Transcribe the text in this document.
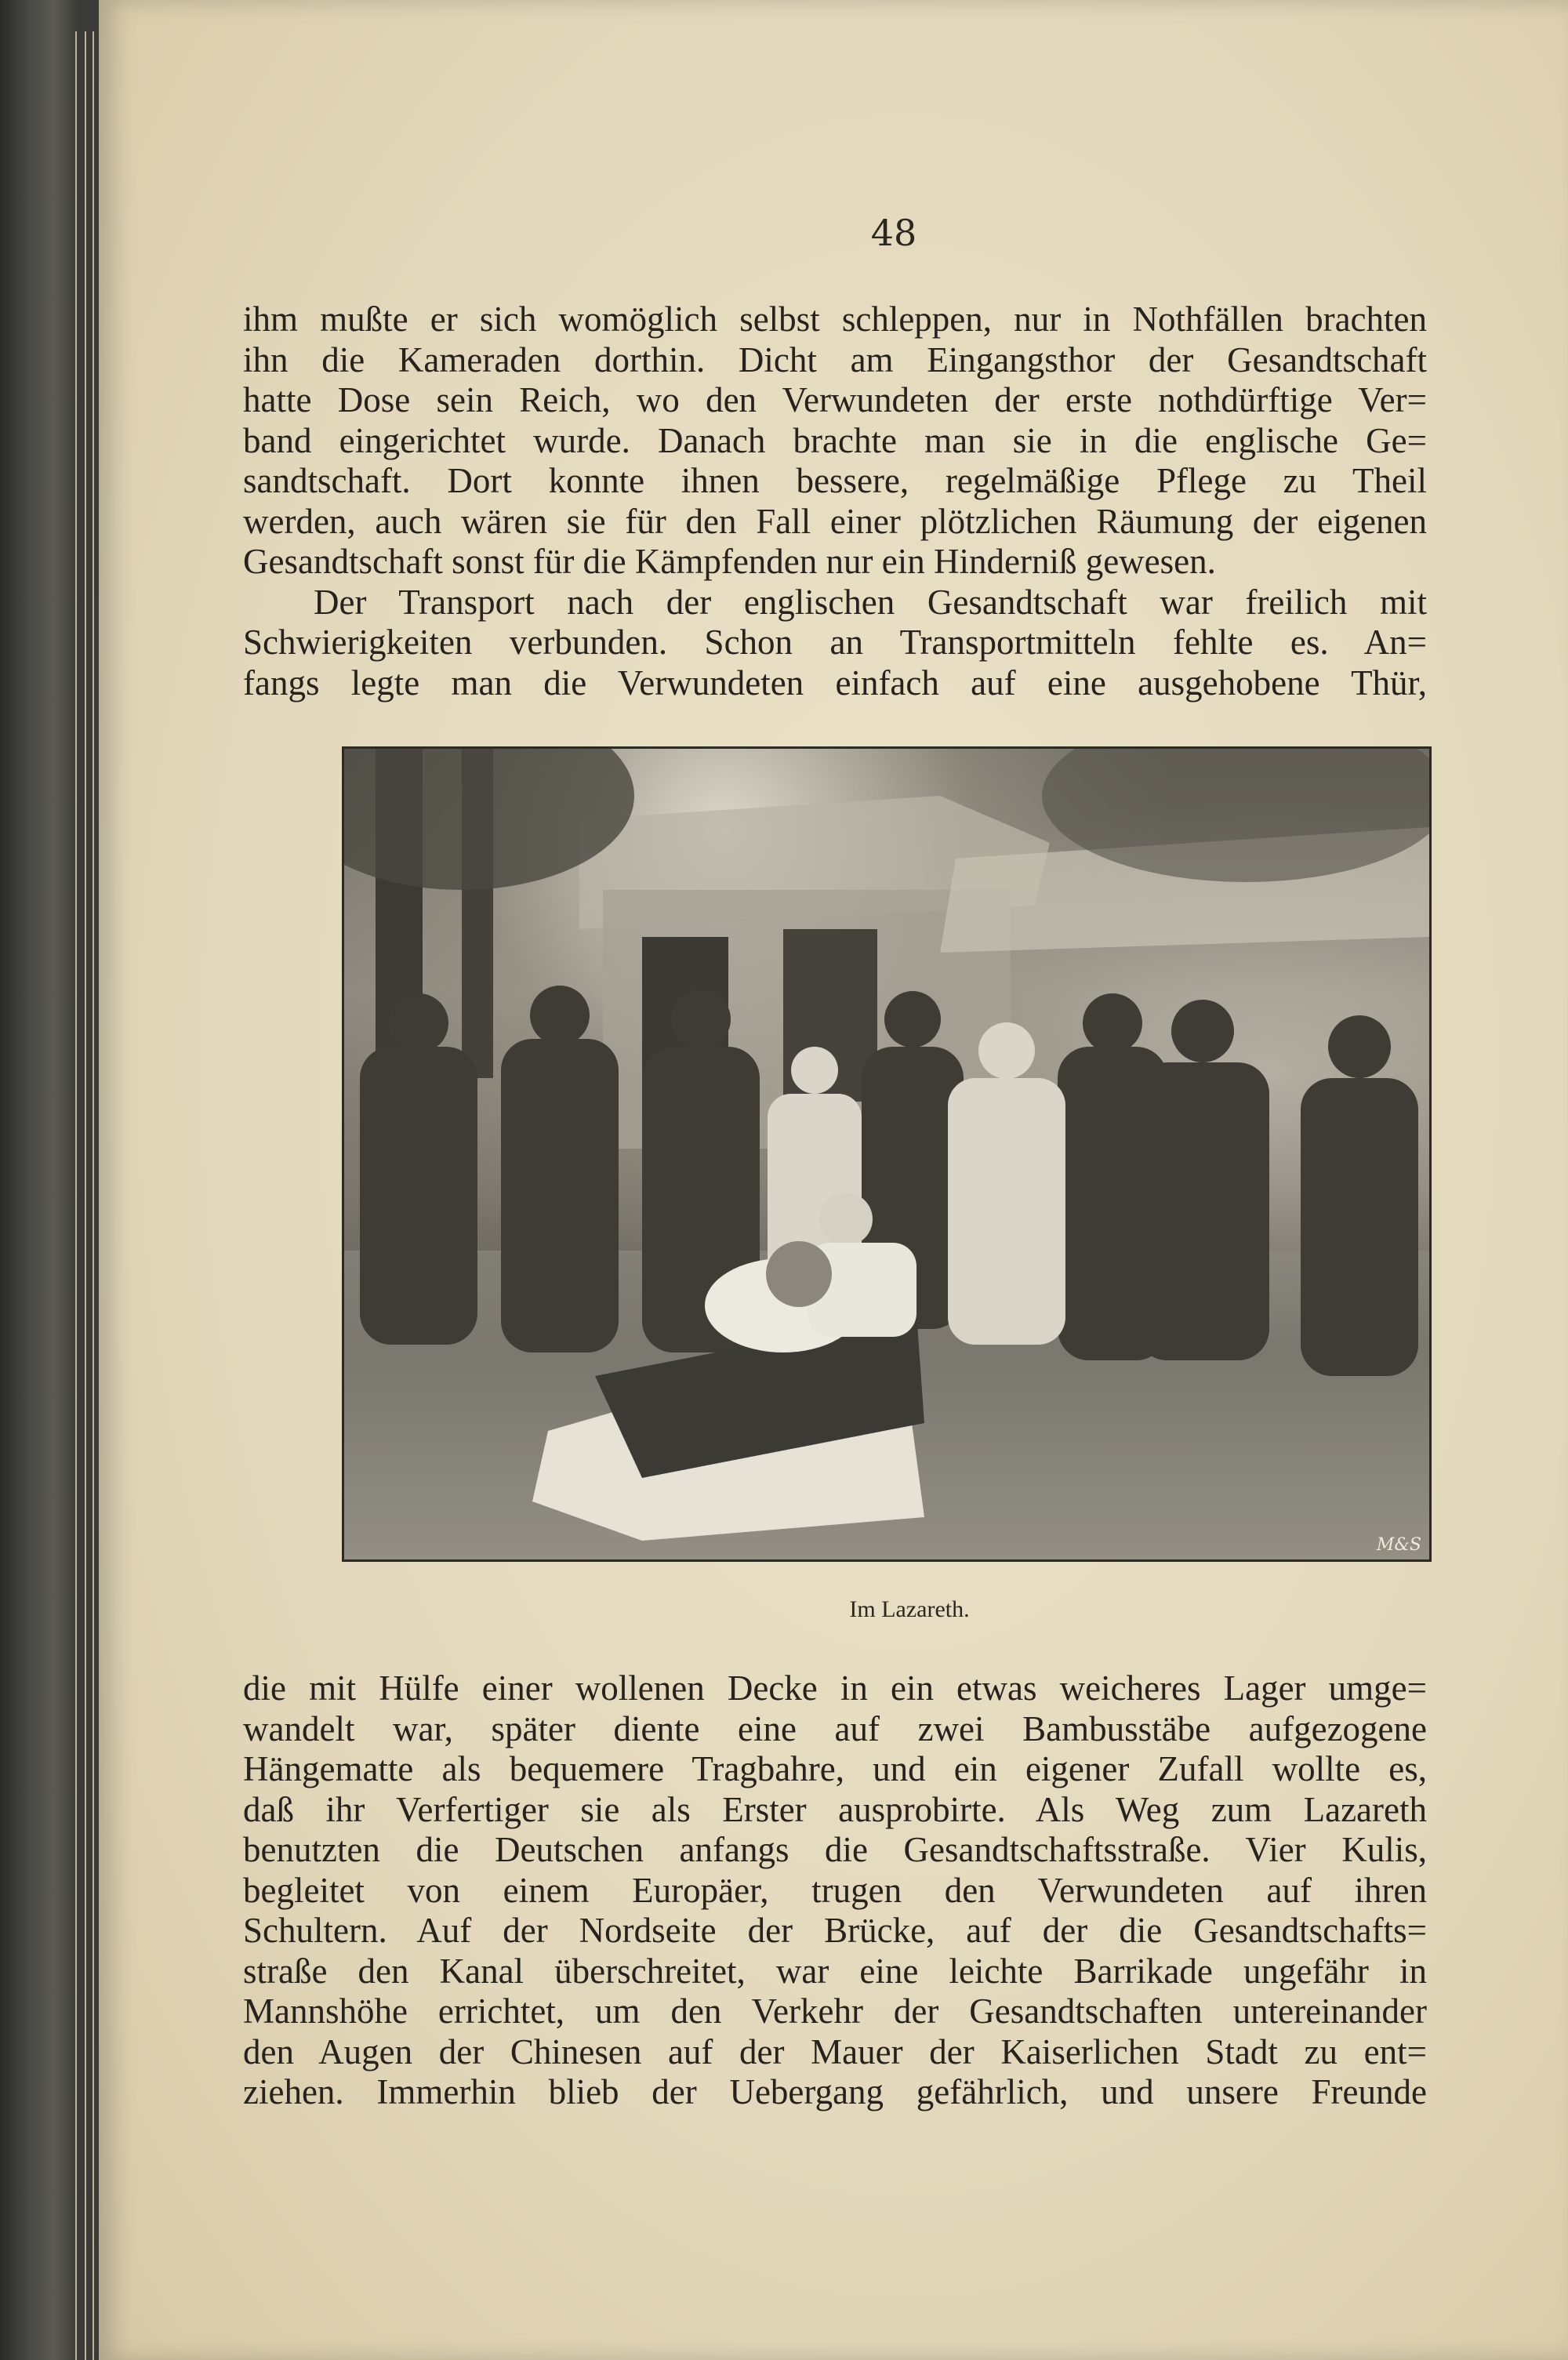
48

ihm mußte er sich womöglich selbst schleppen, nur in Nothfällen brachten
ihn die Kameraden dorthin. Dicht am Eingangsthor der Gesandtschaft
hatte Dose sein Reich, wo den Verwundeten der erste nothdürftige Ver=
band eingerichtet wurde. Danach brachte man sie in die englische Ge=
sandtschaft. Dort konnte ihnen bessere, regelmäßige Pflege zu Theil
werden, auch wären sie für den Fall einer plötzlichen Räumung der eigenen
Gesandtschaft sonst für die Kämpfenden nur ein Hinderniß gewesen.

Der Transport nach der englischen Gesandtschaft war freilich mit
Schwierigkeiten verbunden. Schon an Transportmitteln fehlte es. An=
fangs legte man die Verwundeten einfach auf eine ausgehobene Thür,

M&S
Im Lazareth.

die mit Hülfe einer wollenen Decke in ein etwas weicheres Lager umge=
wandelt war, später diente eine auf zwei Bambusstäbe aufgezogene
Hängematte als bequemere Tragbahre, und ein eigener Zufall wollte es,
daß ihr Verfertiger sie als Erster ausprobirte. Als Weg zum Lazareth
benutzten die Deutschen anfangs die Gesandtschaftsstraße. Vier Kulis,
begleitet von einem Europäer, trugen den Verwundeten auf ihren
Schultern. Auf der Nordseite der Brücke, auf der die Gesandtschafts=
straße den Kanal überschreitet, war eine leichte Barrikade ungefähr in
Mannshöhe errichtet, um den Verkehr der Gesandtschaften untereinander
den Augen der Chinesen auf der Mauer der Kaiserlichen Stadt zu ent=
ziehen. Immerhin blieb der Uebergang gefährlich, und unsere Freunde
